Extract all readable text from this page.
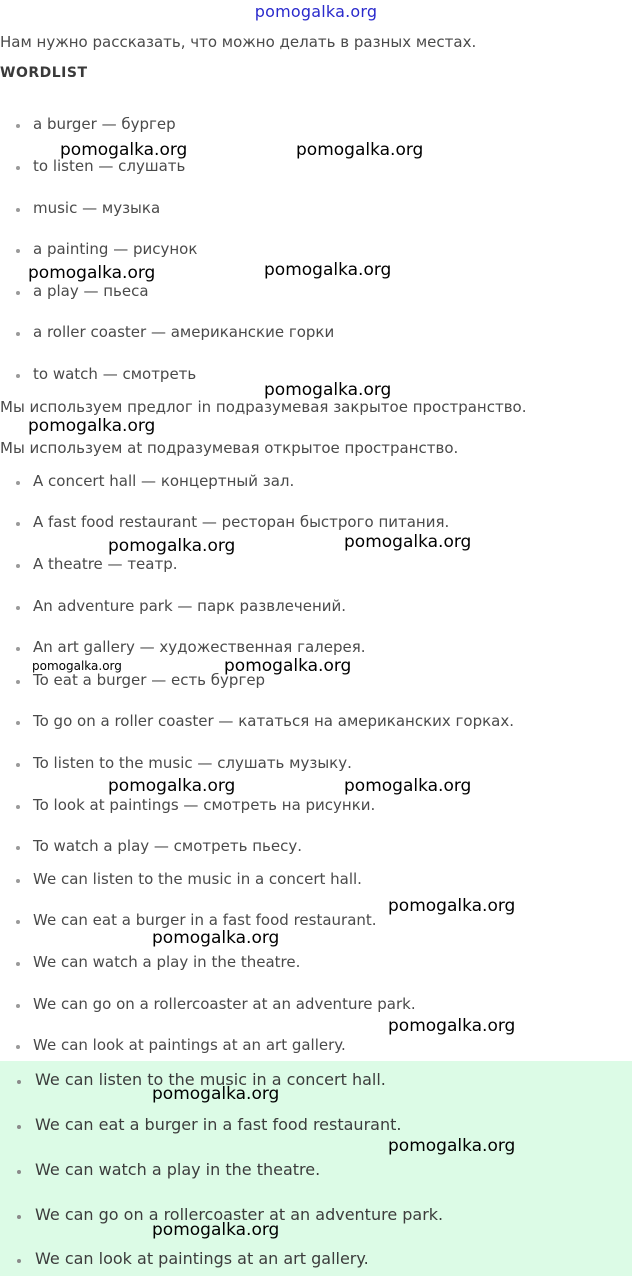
pomogalka.org
Нам нужно рассказать, что можно делать в разных местах.
WORDLIST
a burger — бургер
to listen — слушать
music — музыка
a painting — рисунок
a play — пьеса
a roller coaster — американские горки
to watch — смотреть
Мы используем предлог in подразумевая закрытое пространство.
Мы используем at подразумевая открытое пространство.
A concert hall — концертный зал.
A fast food restaurant — ресторан быстрого питания.
A theatre — театр.
An adventure park — парк развлечений.
An art gallery — художественная галерея.
To eat a burger — есть бургер
To go on a roller coaster — кататься на американских горках.
To listen to the music — слушать музыку.
To look at paintings — смотреть на рисунки.
To watch a play — смотреть пьесу.
We can listen to the music in a concert hall.
We can eat a burger in a fast food restaurant.
We can watch a play in the theatre.
We can go on a rollercoaster at an adventure park.
We can look at paintings at an art gallery.
We can listen to the music in a concert hall.
We can eat a burger in a fast food restaurant.
We can watch a play in the theatre.
We can go on a rollercoaster at an adventure park.
We can look at paintings at an art gallery.
pomogalka.org	pomogalka.org
pomogalka.org	pomogalka.org
pomogalka.org
pomogalka.org
pomogalka.org	pomogalka.org
pomogalka.org	pomogalka.org
pomogalka.org	pomogalka.org
pomogalka.org
pomogalka.org
pomogalka.org
pomogalka.org
pomogalka.org
pomogalka.org
